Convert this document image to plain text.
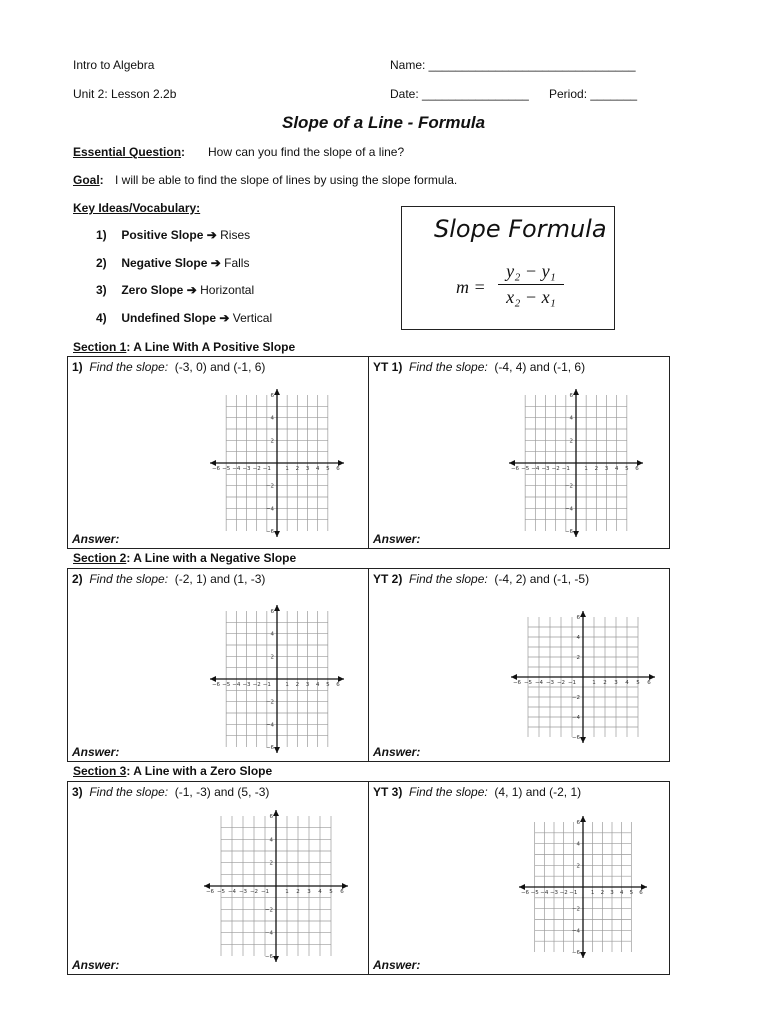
Intro to Algebra
Unit 2: Lesson 2.2b
Name: _______________________________
Date: ________________ Period: _______
Slope of a Line - Formula
Essential Question: How can you find the slope of a line?
Goal: I will be able to find the slope of lines by using the slope formula.
Key Ideas/Vocabulary:
1) Positive Slope ➔ Rises
2) Negative Slope ➔ Falls
3) Zero Slope ➔ Horizontal
4) Undefined Slope ➔ Vertical
Slope Formula
$m = \frac{\text{y₂ − y₁}}{\text{x₂ − x₁}}$
Section 1: A Line With A Positive Slope
1) Find the slope: (-3, 0) and (-1, 6)
−6 −5 −4 −3 −2 −1	1 2 3 4 5 6
−6
−4
−2
2
4
6
Answer:
YT 1) Find the slope: (-4, 4) and (-1, 6)
−6 −5 −4 −3 −2 −1	1 2 3 4 5 6
−6
−4
−2
2
4
6
Answer:
Section 2: A Line with a Negative Slope
2) Find the slope: (-2, 1) and (1, -3)
−6 −5 −4 −3 −2 −1	1 2 3 4 5 6
−6
−4
−2
2
4
6
Answer:
YT 2) Find the slope: (-4, 2) and (-1, -5)
−6 −5 −4 −3 −2 −1	1 2 3 4 5 6
−6
−4
−2
2
4
6
Answer:
Section 3: A Line with a Zero Slope
3) Find the slope: (-1, -3) and (5, -3)
−6 −5 −4 −3 −2 −1	1 2 3 4 5 6
−6
−4
−2
2
4
6
Answer:
YT 3) Find the slope: (4, 1) and (-2, 1)
−6 −5 −4 −3 −2 −1 1 2 3 4 5 6
−6
−4
−2
2
4
6
Answer:
